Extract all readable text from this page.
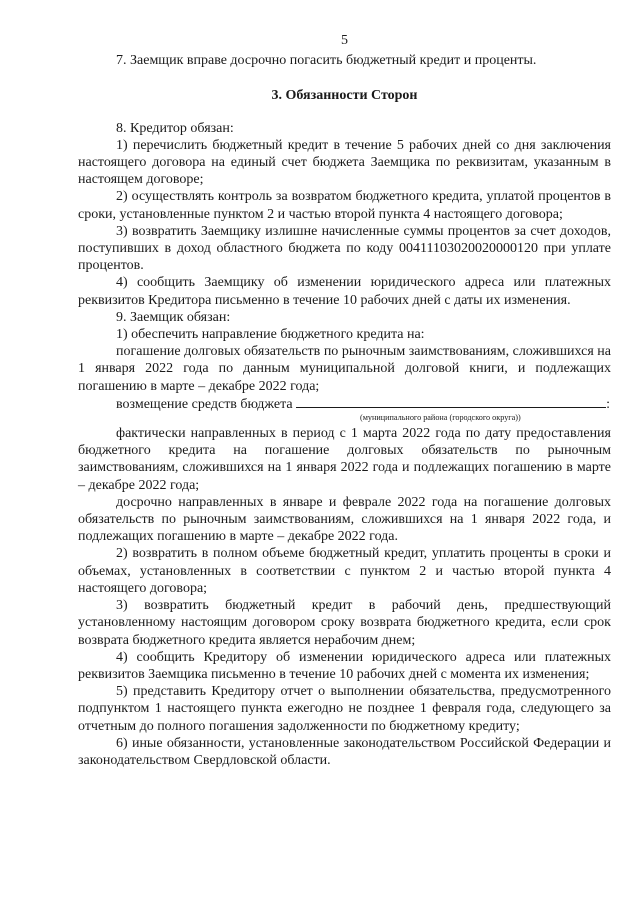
5

7. Заемщик вправе досрочно погасить бюджетный кредит и проценты.

3. Обязанности Сторон

8. Кредитор обязан:

1) перечислить бюджетный кредит в течение 5 рабочих дней со дня заключения настоящего договора на единый счет бюджета Заемщика по реквизитам, указанным в настоящем договоре;

2) осуществлять контроль за возвратом бюджетного кредита, уплатой процентов в сроки, установленные пунктом 2 и частью второй пункта 4 настоящего договора;

3) возвратить Заемщику излишне начисленные суммы процентов за счет доходов, поступивших в доход областного бюджета по коду 00411103020020000120 при уплате процентов.

4) сообщить Заемщику об изменении юридического адреса или платежных реквизитов Кредитора письменно в течение 10 рабочих дней с даты их изменения.

9. Заемщик обязан:

1) обеспечить направление бюджетного кредита на:

погашение долговых обязательств по рыночным заимствованиям, сложившихся на 1 января 2022 года по данным муниципальной долговой книги, и подлежащих погашению в марте – декабре 2022 года;

возмещение средств бюджета	:
(муниципального района (городского округа))

фактически направленных в период с 1 марта 2022 года по дату предоставления бюджетного кредита на погашение долговых обязательств по рыночным заимствованиям, сложившихся на 1 января 2022 года и подлежащих погашению в марте – декабре 2022 года;

досрочно направленных в январе и феврале 2022 года на погашение долговых обязательств по рыночным заимствованиям, сложившихся на 1 января 2022 года, и подлежащих погашению в марте – декабре 2022 года.

2) возвратить в полном объеме бюджетный кредит, уплатить проценты в сроки и объемах, установленных в соответствии с пунктом 2 и частью второй пункта 4 настоящего договора;

3) возвратить бюджетный кредит в рабочий день, предшествующий установленному настоящим договором сроку возврата бюджетного кредита, если срок возврата бюджетного кредита является нерабочим днем;

4) сообщить Кредитору об изменении юридического адреса или платежных реквизитов Заемщика письменно в течение 10 рабочих дней с момента их изменения;

5) представить Кредитору отчет о выполнении обязательства, предусмотренного подпунктом 1 настоящего пункта ежегодно не позднее 1 февраля года, следующего за отчетным до полного погашения задолженности по бюджетному кредиту;

6) иные обязанности, установленные законодательством Российской Федерации и законодательством Свердловской области.
